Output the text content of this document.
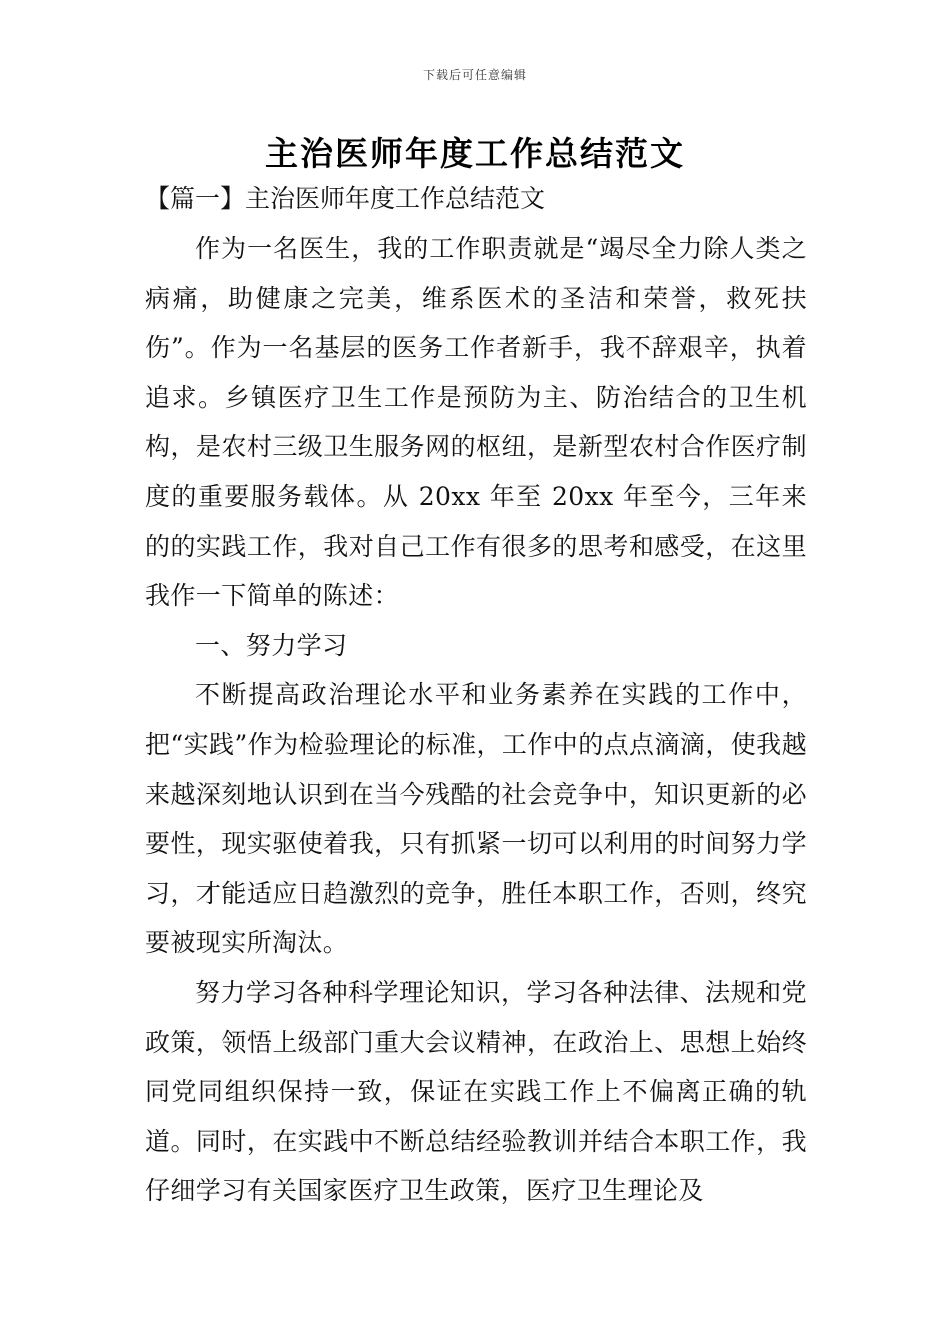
下载后可任意编辑
主治医师年度工作总结范文
【篇一】主治医师年度工作总结范文

作为一名医生，我的工作职责就是“竭尽全力除人类之病痛，助健康之完美，维系医术的圣洁和荣誉，救死扶伤”。作为一名基层的医务工作者新手，我不辞艰辛，执着追求。乡镇医疗卫生工作是预防为主、防治结合的卫生机构，是农村三级卫生服务网的枢纽，是新型农村合作医疗制度的重要服务载体。从 20xx 年至 20xx 年至今，三年来的的实践工作，我对自己工作有很多的思考和感受，在这里我作一下简单的陈述：

一、努力学习

不断提高政治理论水平和业务素养在实践的工作中，把“实践”作为检验理论的标准，工作中的点点滴滴，使我越来越深刻地认识到在当今残酷的社会竞争中，知识更新的必要性，现实驱使着我，只有抓紧一切可以利用的时间努力学习，才能适应日趋激烈的竞争，胜任本职工作，否则，终究要被现实所淘汰。

努力学习各种科学理论知识，学习各种法律、法规和党政策，领悟上级部门重大会议精神，在政治上、思想上始终同党同组织保持一致，保证在实践工作上不偏离正确的轨道。同时，在实践中不断总结经验教训并结合本职工作，我仔细学习有关国家医疗卫生政策，医疗卫生理论及
